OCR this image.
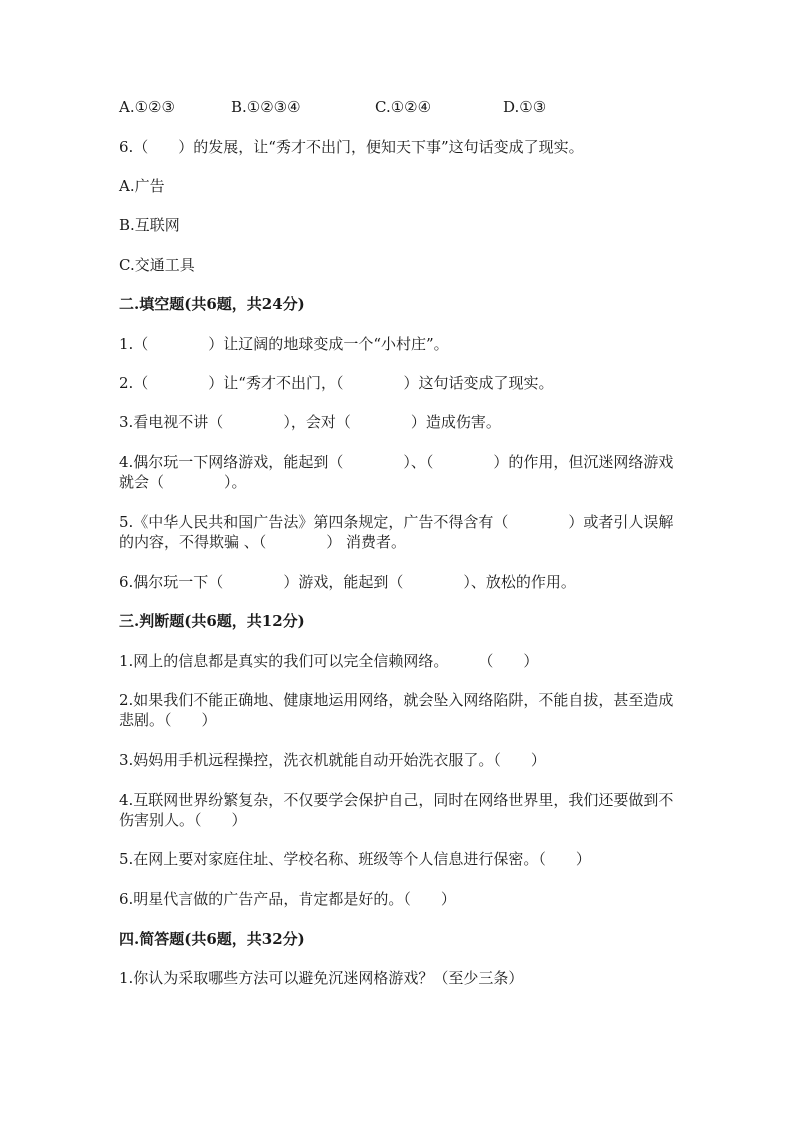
A.①②③	B.①②③④	C.①②④	D.①③
6.（　　）的发展，让“秀才不出门，便知天下事”这句话变成了现实。
A.广告
B.互联网
C.交通工具
二.填空题(共6题，共24分)
1.（　　　　）让辽阔的地球变成一个“小村庄”。
2.（　　　　）让“秀才不出门，（　　　　）这句话变成了现实。
3.看电视不讲（　　　　），会对（　　　　）造成伤害。
4.偶尔玩一下网络游戏，能起到（　　　　）、（　　　　）的作用，但沉迷网络游戏就会（　　　　）。
5.《中华人民共和国广告法》第四条规定，广告不得含有（　　　　）或者引人误解的内容，不得欺骗 、（　　　　） 消费者。
6.偶尔玩一下（　　　　）游戏，能起到（　　　　）、放松的作用。
三.判断题(共6题，共12分)
1.网上的信息都是真实的我们可以完全信赖网络。　　　（　　）
2.如果我们不能正确地、健康地运用网络，就会坠入网络陷阱，不能自拔，甚至造成悲剧。（　　）
3.妈妈用手机远程操控，洗衣机就能自动开始洗衣服了。（　　）
4.互联网世界纷繁复杂，不仅要学会保护自己，同时在网络世界里，我们还要做到不伤害别人。（　　）
5.在网上要对家庭住址、学校名称、班级等个人信息进行保密。（　　）
6.明星代言做的广告产品，肯定都是好的。（　　）
四.简答题(共6题，共32分)
1.你认为采取哪些方法可以避免沉迷网格游戏？（至少三条）
